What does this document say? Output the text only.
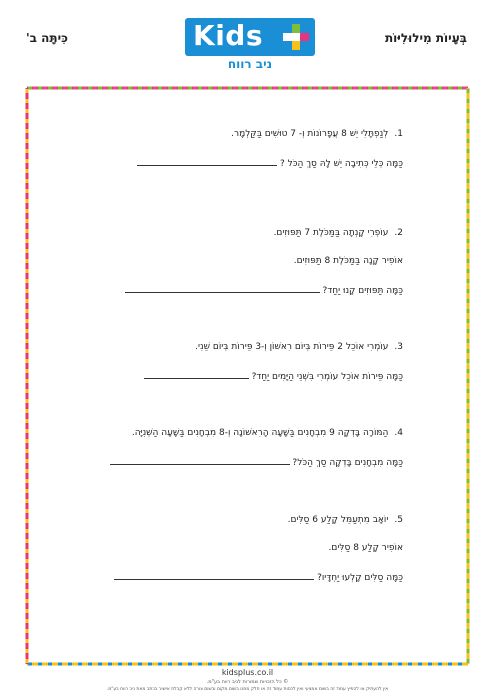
בְּעָיוֹת מִילוּלִיּוֹת
כִּיתָּה ב'	Kids
ניב רווח
1.לְנַפְתָּלִי יֵשׁ 8 עֲפָרוֹנוֹת וְ- 7 טוּשִׁים בַּקַּלְמָר.
כַּמָּה כְּלֵי כְּתִיבָה יֵשׁ לָהּ סַךְ הַכֹּל ?
2.עוֹפְרִי קָנְתָה בַּמַּכֹּלֶת 7 תַּפּוּזִים.
אוֹפִיר קָנָה בַּמַּכֹּלֶת 8 תַּפּוּזִים.
כַּמָּה תַּפּוּזִים קָנוּ יַחַד?
3.עוֹמְרִי אוֹכֵל 2 פֵּירוֹת בְּיוֹם רִאשׁוֹן וְ-3 פֵּירוֹת בְּיוֹם שֵׁנִי.
כַּמָּה פֵּירוֹת אוֹכֵל עוֹמְרִי בִּשְׁנֵי הַיָּמִים יַחַד?
4.הַמּוֹרָה בָּדְקָה 9 מִבְחָנִים בַּשָּׁעָה הָרִאשׁוֹנָה וְ-8 מִבְחָנִים בַּשָּׁעָה הַשְּׁנִיָּה.
כַּמָּה מִבְחָנִים בָּדְקָה סַךְ הַכֹּל?
5.יוֹאָב מִתְעַמֵּל קָלַע 6 סַלִּים.
אוֹפִיר קָלַע 8 סַלִּים.
כַּמָּה סַלִּים קָלְעוּ יַחְדָּיו?
kidsplus.co.il
© כל הזכויות שמורות לניב רווח בע"מ.
אין להעתיק או להפיץ עמוד זה בשום אמצעי ואין לכסות עמוד זה או חלק ממנו בשום מקום ובשום צורה ללא קבלת אישור בכתב מאת ניב רווח בע"מ.
